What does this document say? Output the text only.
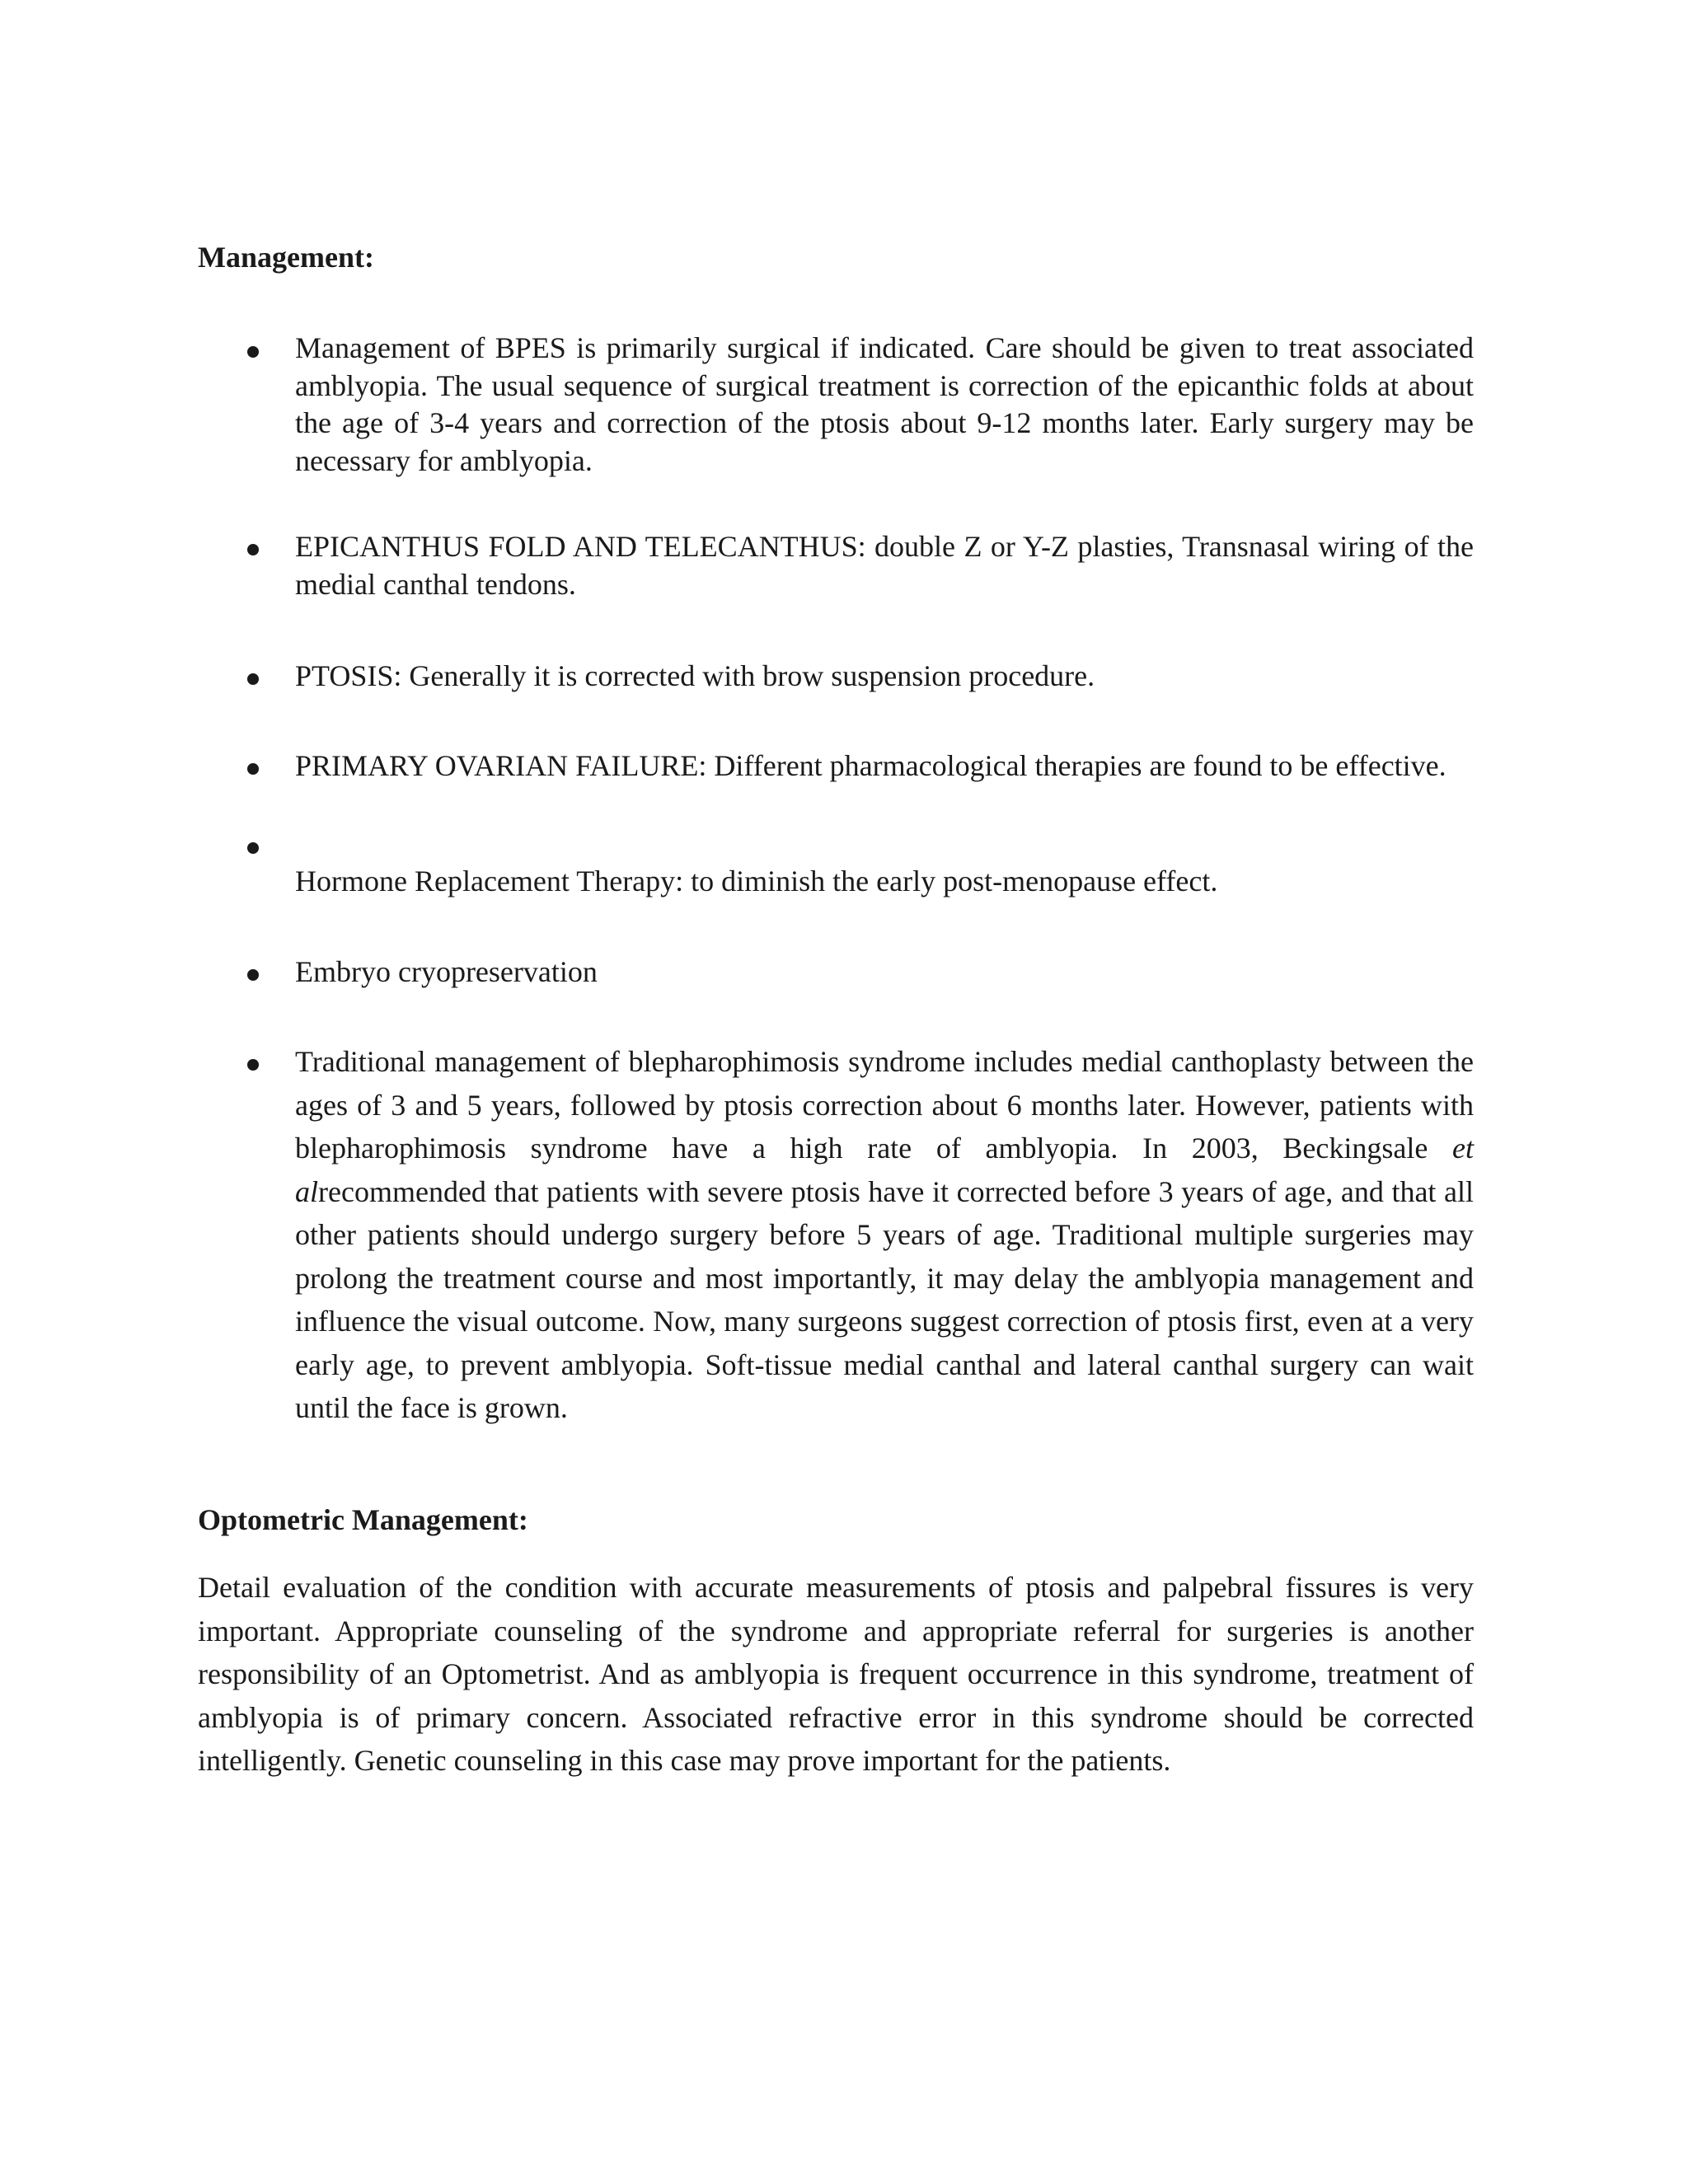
Management:
Management of BPES is primarily surgical if indicated. Care should be given to treat associated amblyopia. The usual sequence of surgical treatment is correction of the epicanthic folds at about the age of 3-4 years and correction of the ptosis about 9-12 months later. Early surgery may be necessary for amblyopia.
EPICANTHUS FOLD AND TELECANTHUS: double Z or Y-Z plasties, Transnasal wiring of the medial canthal tendons.
PTOSIS: Generally it is corrected with brow suspension procedure.
PRIMARY OVARIAN FAILURE: Different pharmacological therapies are found to be effective.
Hormone Replacement Therapy: to diminish the early post-menopause effect.
Embryo cryopreservation
Traditional management of blepharophimosis syndrome includes medial canthoplasty between the ages of 3 and 5 years, followed by ptosis correction about 6 months later. However, patients with blepharophimosis syndrome have a high rate of amblyopia. In 2003, Beckingsale et alrecommended that patients with severe ptosis have it corrected before 3 years of age, and that all other patients should undergo surgery before 5 years of age. Traditional multiple surgeries may prolong the treatment course and most importantly, it may delay the amblyopia management and influence the visual outcome. Now, many surgeons suggest correction of ptosis first, even at a very early age, to prevent amblyopia. Soft-tissue medial canthal and lateral canthal surgery can wait until the face is grown.
Optometric Management:
Detail evaluation of the condition with accurate measurements of ptosis and palpebral fissures is very important. Appropriate counseling of the syndrome and appropriate referral for surgeries is another responsibility of an Optometrist. And as amblyopia is frequent occurrence in this syndrome, treatment of amblyopia is of primary concern. Associated refractive error in this syndrome should be corrected intelligently. Genetic counseling in this case may prove important for the patients.
